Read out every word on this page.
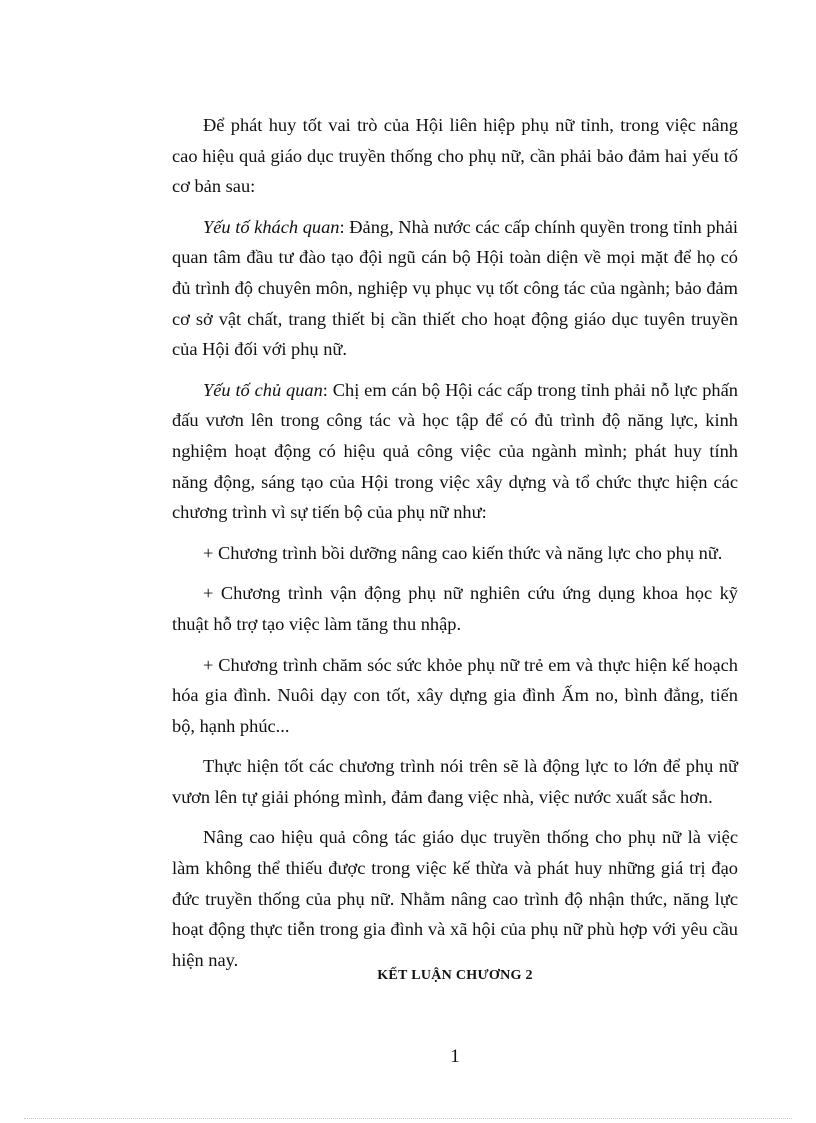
Để phát huy tốt vai trò của Hội liên hiệp phụ nữ tỉnh, trong việc nâng cao hiệu quả giáo dục truyền thống cho phụ nữ, cần phải bảo đảm hai yếu tố cơ bản sau:

Yếu tố khách quan: Đảng, Nhà nước các cấp chính quyền trong tỉnh phải quan tâm đầu tư đào tạo đội ngũ cán bộ Hội toàn diện về mọi mặt để họ có đủ trình độ chuyên môn, nghiệp vụ phục vụ tốt công tác của ngành; bảo đảm cơ sở vật chất, trang thiết bị cần thiết cho hoạt động giáo dục tuyên truyền của Hội đối với phụ nữ.

Yếu tố chủ quan: Chị em cán bộ Hội các cấp trong tỉnh phải nỗ lực phấn đấu vươn lên trong công tác và học tập để có đủ trình độ năng lực, kinh nghiệm hoạt động có hiệu quả công việc của ngành mình; phát huy tính năng động, sáng tạo của Hội trong việc xây dựng và tổ chức thực hiện các chương trình vì sự tiến bộ của phụ nữ như:

+ Chương trình bồi dưỡng nâng cao kiến thức và năng lực cho phụ nữ.

+ Chương trình vận động phụ nữ nghiên cứu ứng dụng khoa học kỹ thuật hỗ trợ tạo việc làm tăng thu nhập.

+ Chương trình chăm sóc sức khỏe phụ nữ trẻ em và thực hiện kế hoạch hóa gia đình. Nuôi dạy con tốt, xây dựng gia đình Ấm no, bình đẳng, tiến bộ, hạnh phúc...

Thực hiện tốt các chương trình nói trên sẽ là động lực to lớn để phụ nữ vươn lên tự giải phóng mình, đảm đang việc nhà, việc nước xuất sắc hơn.

Nâng cao hiệu quả công tác giáo dục truyền thống cho phụ nữ là việc làm không thể thiếu được trong việc kế thừa và phát huy những giá trị đạo đức truyền thống của phụ nữ. Nhằm nâng cao trình độ nhận thức, năng lực hoạt động thực tiễn trong gia đình và xã hội của phụ nữ phù hợp với yêu cầu hiện nay.

KẾT LUẬN CHƯƠNG 2
1
